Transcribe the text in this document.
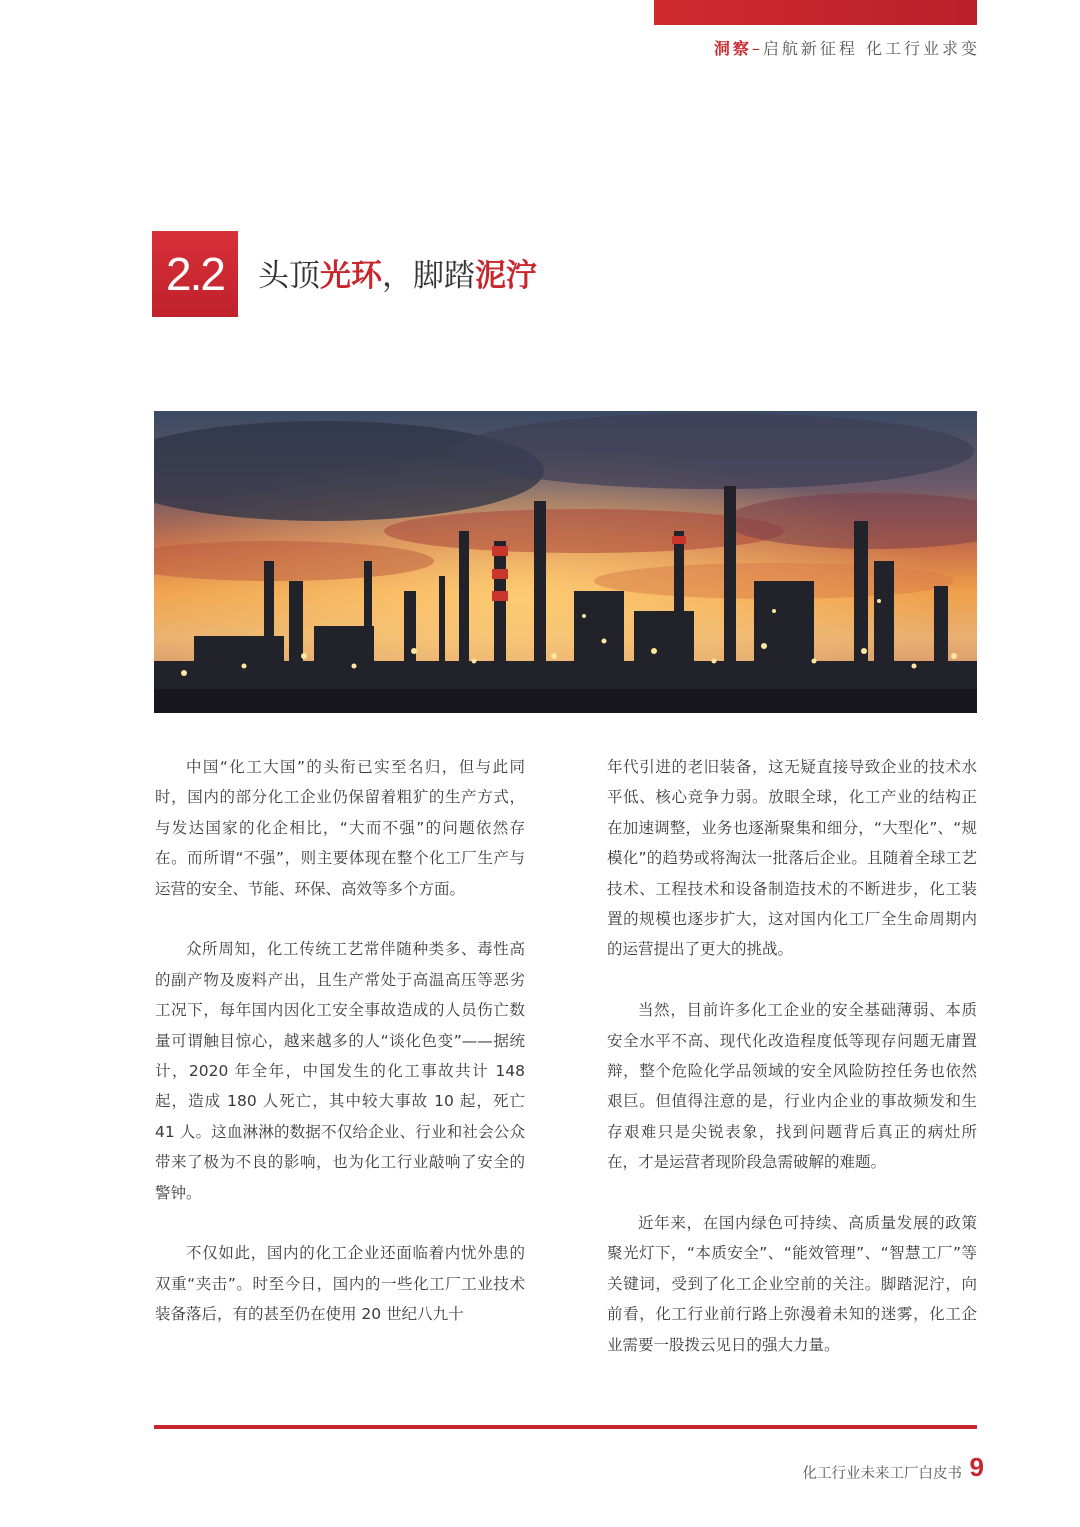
洞察–启航新征程 化工行业求变
2.2	头顶光环，脚踏泥泞

中国“化工大国”的头衔已实至名归，但与此同时，国内的部分化工企业仍保留着粗犷的生产方式，与发达国家的化企相比，“大而不强”的问题依然存在。而所谓“不强”，则主要体现在整个化工厂生产与运营的安全、节能、环保、高效等多个方面。

众所周知，化工传统工艺常伴随种类多、毒性高的副产物及废料产出，且生产常处于高温高压等恶劣工况下，每年国内因化工安全事故造成的人员伤亡数量可谓触目惊心，越来越多的人“谈化色变”——据统计，2020 年全年，中国发生的化工事故共计 148 起，造成 180 人死亡，其中较大事故 10 起，死亡 41 人。这血淋淋的数据不仅给企业、行业和社会公众带来了极为不良的影响，也为化工行业敲响了安全的警钟。

不仅如此，国内的化工企业还面临着内忧外患的双重“夹击”。时至今日，国内的一些化工厂工业技术装备落后，有的甚至仍在使用 20 世纪八九十

年代引进的老旧装备，这无疑直接导致企业的技术水平低、核心竞争力弱。放眼全球，化工产业的结构正在加速调整，业务也逐渐聚集和细分，“大型化”、“规模化”的趋势或将淘汰一批落后企业。且随着全球工艺技术、工程技术和设备制造技术的不断进步，化工装置的规模也逐步扩大，这对国内化工厂全生命周期内的运营提出了更大的挑战。

当然，目前许多化工企业的安全基础薄弱、本质安全水平不高、现代化改造程度低等现存问题无庸置辩，整个危险化学品领域的安全风险防控任务也依然艰巨。但值得注意的是，行业内企业的事故频发和生存艰难只是尖锐表象，找到问题背后真正的病灶所在，才是运营者现阶段急需破解的难题。

近年来，在国内绿色可持续、高质量发展的政策聚光灯下，“本质安全”、“能效管理”、“智慧工厂”等关键词，受到了化工企业空前的关注。脚踏泥泞，向前看，化工行业前行路上弥漫着未知的迷雾，化工企业需要一股拨云见日的强大力量。

化工行业未来工厂白皮书 9
